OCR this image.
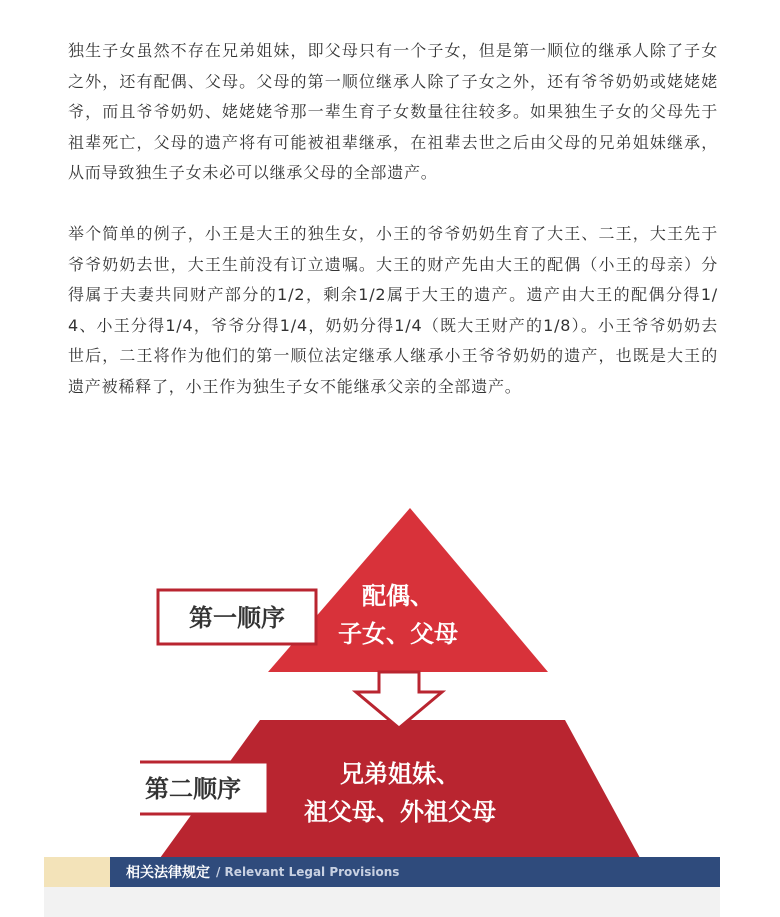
独生子女虽然不存在兄弟姐妹，即父母只有一个子女，但是第一顺位的继承人除了子女之外，还有配偶、父母。父母的第一顺位继承人除了子女之外，还有爷爷奶奶或姥姥姥爷，而且爷爷奶奶、姥姥姥爷那一辈生育子女数量往往较多。如果独生子女的父母先于祖辈死亡，父母的遗产将有可能被祖辈继承，在祖辈去世之后由父母的兄弟姐妹继承，从而导致独生子女未必可以继承父母的全部遗产。

举个简单的例子，小王是大王的独生女，小王的爷爷奶奶生育了大王、二王，大王先于爷爷奶奶去世，大王生前没有订立遗嘱。大王的财产先由大王的配偶（小王的母亲）分得属于夫妻共同财产部分的1/2，剩余1/2属于大王的遗产。遗产由大王的配偶分得1/4、小王分得1/4，爷爷分得1/4，奶奶分得1/4（既大王财产的1/8）。小王爷爷奶奶去世后，二王将作为他们的第一顺位法定继承人继承小王爷爷奶奶的遗产，也既是大王的遗产被稀释了，小王作为独生子女不能继承父亲的全部遗产。

第一顺序
配偶、
子女、父母
第二顺序
兄弟姐妹、
祖父母、外祖父母
相关法律规定 / Relevant Legal Provisions
